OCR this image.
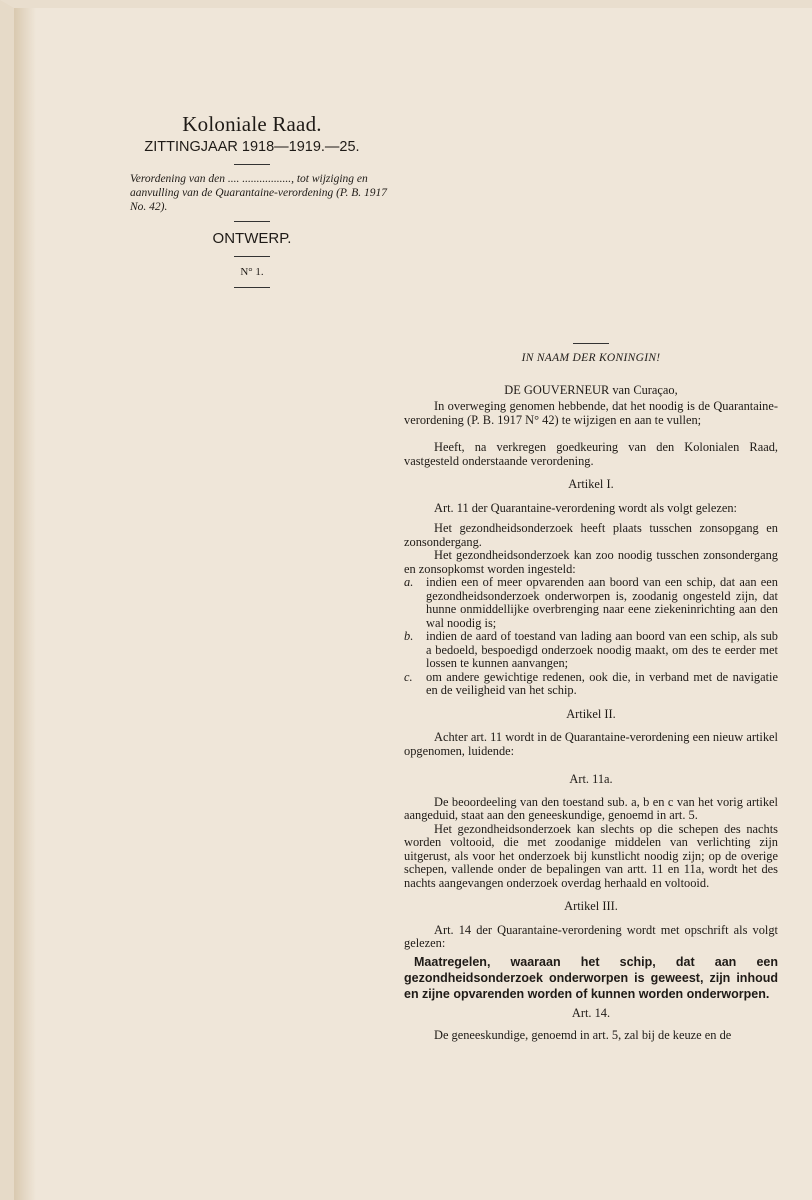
Koloniale Raad.
ZITTINGJAAR 1918—1919.—25.
Verordening van den .... ................., tot wijziging en aanvulling van de Quarantaine-verordening (P. B. 1917 No. 42).
ONTWERP.
N° 1.
IN NAAM DER KONINGIN!
DE GOUVERNEUR van Curaçao,

In overweging genomen hebbende, dat het noodig is de Quarantaine-verordening (P. B. 1917 N° 42) te wijzigen en aan te vullen;

Heeft, na verkregen goedkeuring van den Kolonialen Raad, vastgesteld onderstaande verordening.

Artikel I.

Art. 11 der Quarantaine-verordening wordt als volgt gelezen:

Het gezondheidsonderzoek heeft plaats tusschen zonsopgang en zonsondergang.

Het gezondheidsonderzoek kan zoo noodig tusschen zonsondergang en zonsopkomst worden ingesteld:

a.	indien een of meer opvarenden aan boord van een schip, dat aan een gezondheidsonderzoek onderworpen is, zoodanig ongesteld zijn, dat hunne onmiddellijke overbrenging naar eene ziekeninrichting aan den wal noodig is;
b.	indien de aard of toestand van lading aan boord van een schip, als sub a bedoeld, bespoedigd onderzoek noodig maakt, om des te eerder met lossen te kunnen aanvangen;
c.	om andere gewichtige redenen, ook die, in verband met de navigatie en de veiligheid van het schip.
Artikel II.

Achter art. 11 wordt in de Quarantaine-verordening een nieuw artikel opgenomen, luidende:

Art. 11a.

De beoordeeling van den toestand sub. a, b en c van het vorig artikel aangeduid, staat aan den geneeskundige, genoemd in art. 5.

Het gezondheidsonderzoek kan slechts op die schepen des nachts worden voltooid, die met zoodanige middelen van verlichting zijn uitgerust, als voor het onderzoek bij kunstlicht noodig zijn; op de overige schepen, vallende onder de bepalingen van artt. 11 en 11a, wordt het des nachts aangevangen onderzoek overdag herhaald en voltooid.

Artikel III.

Art. 14 der Quarantaine-verordening wordt met opschrift als volgt gelezen:

Maatregelen, waaraan het schip, dat aan een gezondheidsonderzoek onderworpen is geweest, zijn inhoud en zijne opvarenden worden of kunnen worden onderworpen.

Art. 14.

De geneeskundige, genoemd in art. 5, zal bij de keuze en de
